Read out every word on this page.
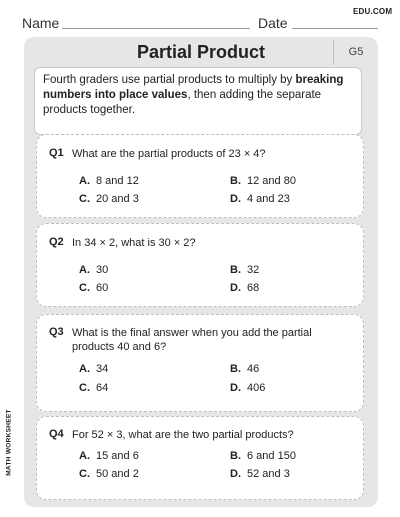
Name	Date
EDU.COM
MATH WORKSHEET
Partial Product	G5
Fourth graders use partial products to multiply by breaking numbers into place values, then adding the separate products together.
Q1 What are the partial products of 23 × 4?
A. 8 and 12	B. 12 and 80
C. 20 and 3	D. 4 and 23
Q2 In 34 × 2, what is 30 × 2?
A. 30	B. 32
C. 60	D. 68
Q3 What is the final answer when you add the partial products 40 and 6?
A. 34	B. 46
C. 64	D. 406
Q4 For 52 × 3, what are the two partial products?
A. 15 and 6	B. 6 and 150
C. 50 and 2	D. 52 and 3
